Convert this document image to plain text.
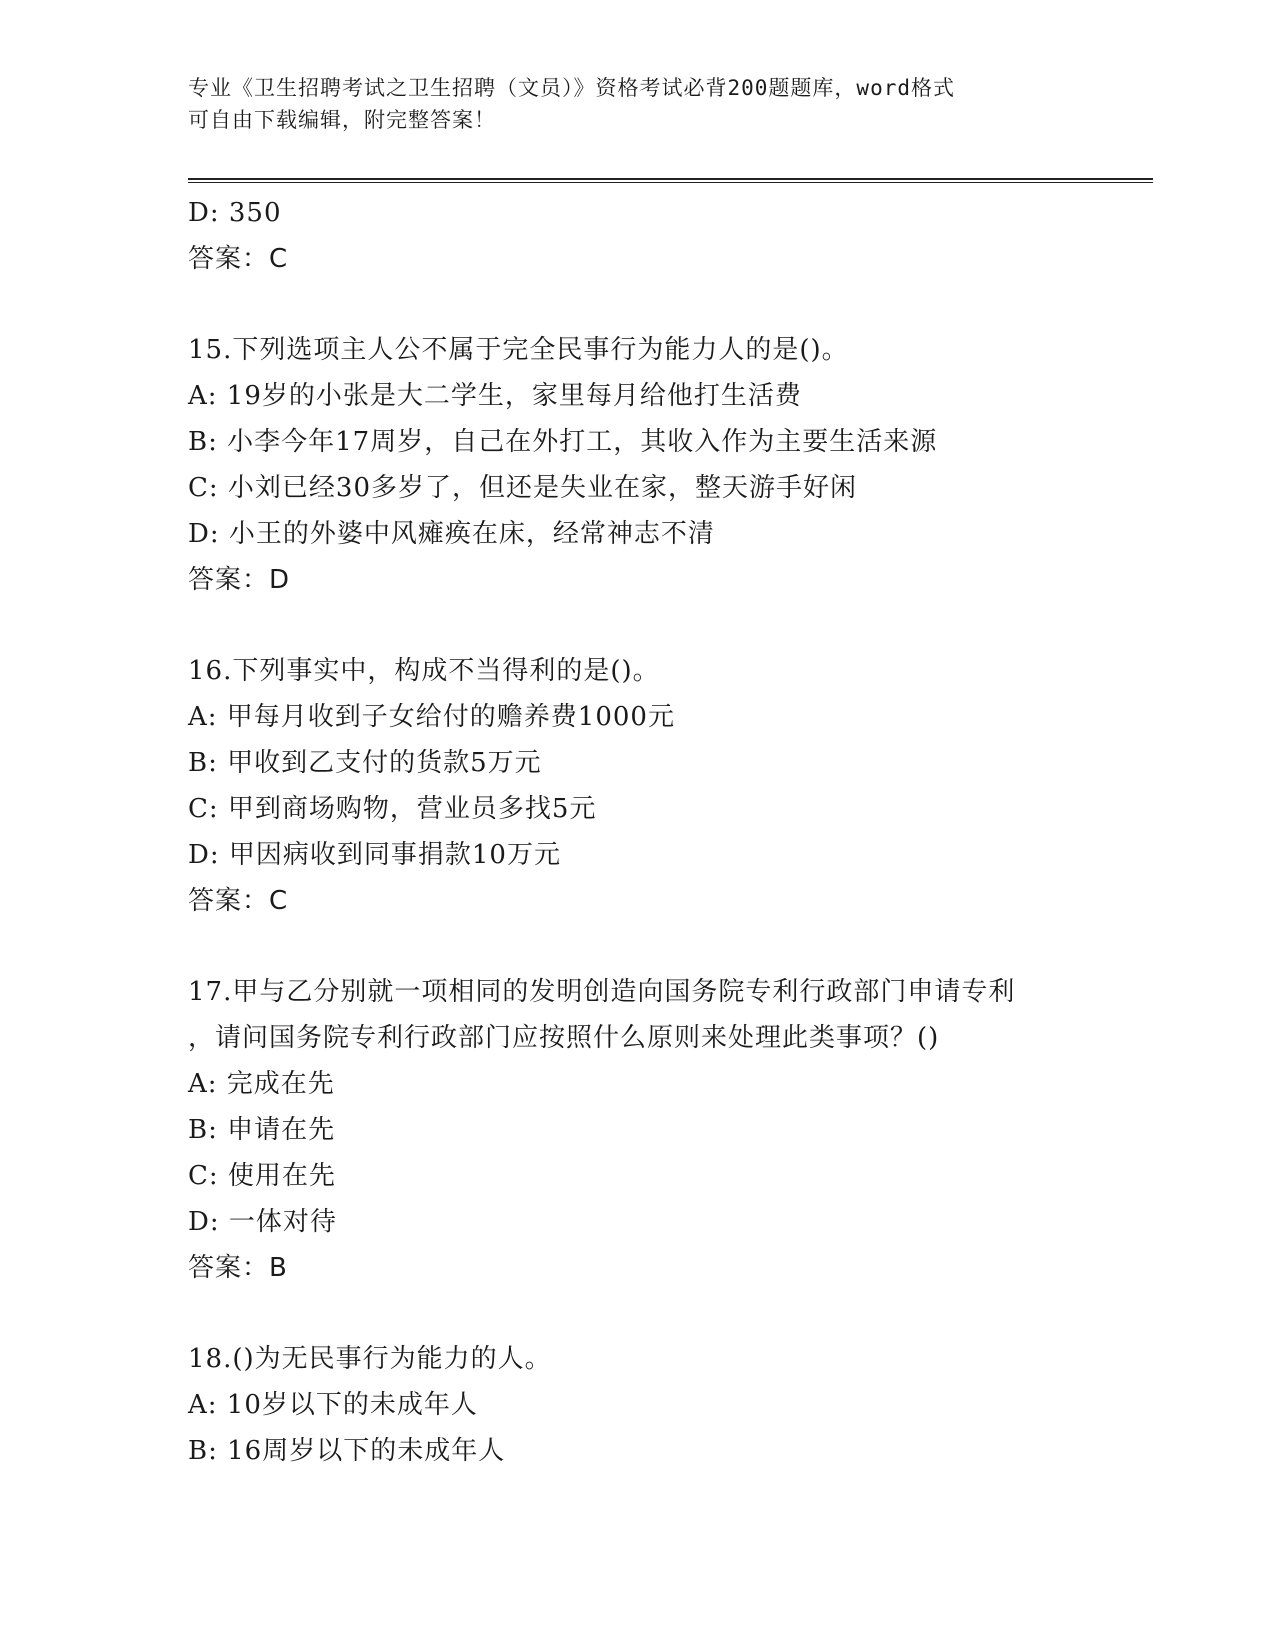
专业《卫生招聘考试之卫生招聘（文员）》资格考试必背200题题库，word格式
可自由下载编辑，附完整答案！
D: 350
答案：C
15.下列选项主人公不属于完全民事行为能力人的是()。
A: 19岁的小张是大二学生，家里每月给他打生活费
B: 小李今年17周岁，自己在外打工，其收入作为主要生活来源
C: 小刘已经30多岁了，但还是失业在家，整天游手好闲
D: 小王的外婆中风瘫痪在床，经常神志不清
答案：D
16.下列事实中，构成不当得利的是()。
A: 甲每月收到子女给付的赡养费1000元
B: 甲收到乙支付的货款5万元
C: 甲到商场购物，营业员多找5元
D: 甲因病收到同事捐款10万元
答案：C
17.甲与乙分别就一项相同的发明创造向国务院专利行政部门申请专利
，请问国务院专利行政部门应按照什么原则来处理此类事项？()
A: 完成在先
B: 申请在先
C: 使用在先
D: 一体对待
答案：B
18.()为无民事行为能力的人。
A: 10岁以下的未成年人
B: 16周岁以下的未成年人
